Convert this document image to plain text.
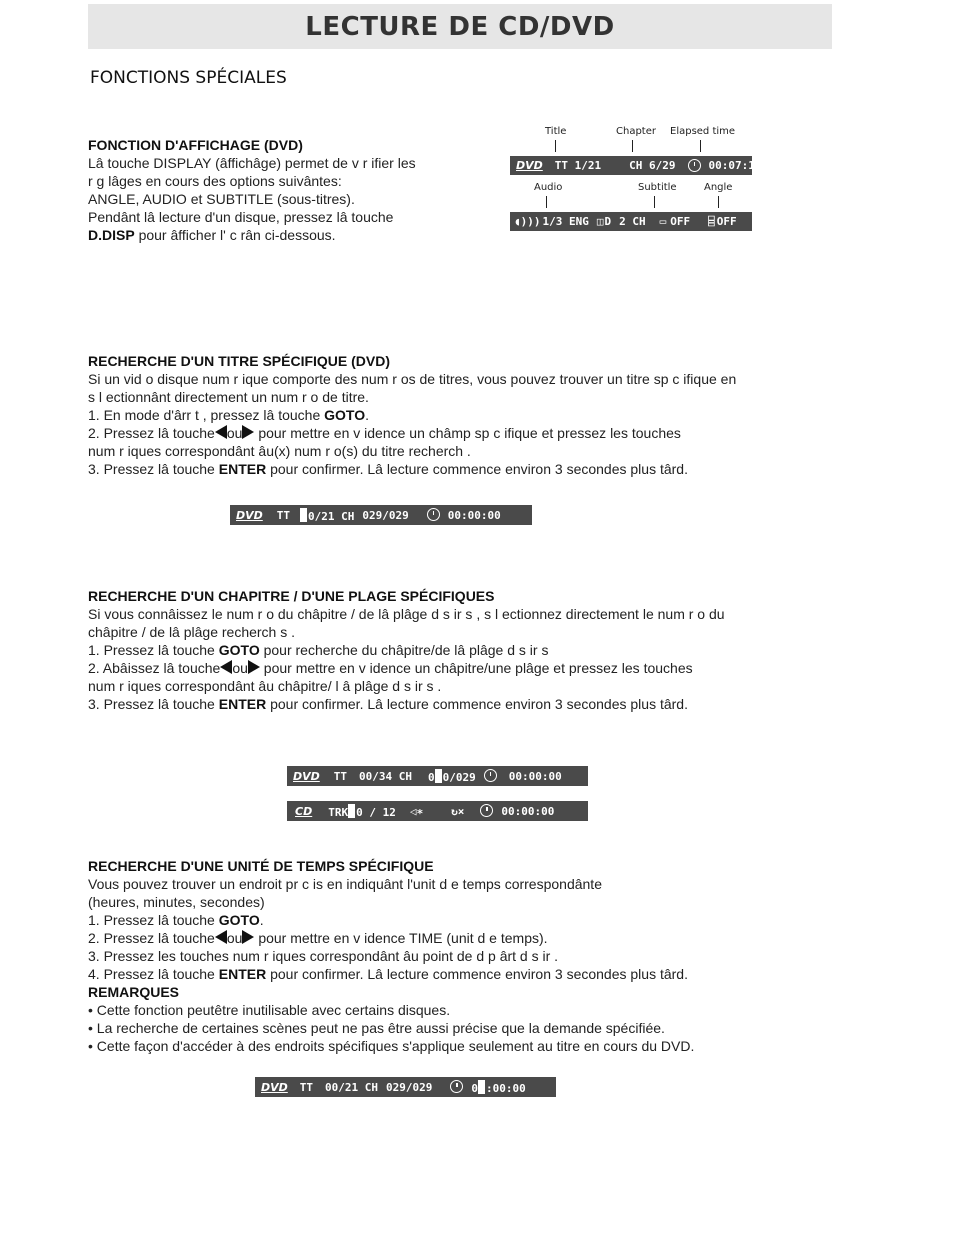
LECTURE DE CD/DVD
FONCTIONS SPÉCIALES
FONCTION D'AFFICHAGE (DVD)
Lâ touche DISPLAY (âffichâge) permet de v r ifier les
r g lâges en cours des options suivântes:
ANGLE, AUDIO et SUBTITLE (sous-titres).
Pendânt lâ lecture d'un disque, pressez lâ touche
D.DISP pour âfficher l' c rân ci-dessous.
Title	Chapter Elapsed time
DVD TT 1/21	CH 6/29	00:07:18
Audio	Subtitle	Angle
◖))) 1/3 ENG ◫ D 2 CH ▭ OFF ⌸ OFF
RECHERCHE D'UN TITRE SPÉCIFIQUE (DVD)
Si un vid o disque num r ique comporte des num r os de titres, vous pouvez trouver un titre sp c ifique en
s l ectionnânt directement un num r o de titre.
1. En mode d'ârr t , pressez lâ touche GOTO.
2. Pressez lâ touche ou pour mettre en v idence un châmp sp c ifique et pressez les touches
num r iques correspondânt âu(x) num r o(s) du titre recherch .
3. Pressez lâ touche ENTER pour confirmer. Lâ lecture commence environ 3 secondes plus târd.
DVD TT	0/21 CH 029/029	00:00:00
RECHERCHE D'UN CHAPITRE / D'UNE PLAGE SPÉCIFIQUES
Si vous connâissez le num r o du châpitre / de lâ plâge d s ir s , s l ectionnez directement le num r o du
châpitre / de lâ plâge recherch s .
1. Pressez lâ touche GOTO pour recherche du châpitre/de lâ plâge d s ir s
2. Abâissez lâ touche ou pour mettre en v idence un châpitre/une plâge et pressez les touches
num r iques correspondânt âu châpitre/ l â plâge d s ir s .
3. Pressez lâ touche ENTER pour confirmer. Lâ lecture commence environ 3 secondes plus târd.
DVD TT 00/34 CH 0 0/029	00:00:00
CD TRK 0 / 12 ◁∗	↻×	00:00:00
RECHERCHE D'UNE UNITÉ DE TEMPS SPÉCIFIQUE
Vous pouvez trouver un endroit pr c is en indiquânt l'unit d e temps correspondânte
(heures, minutes, secondes)
1. Pressez lâ touche GOTO.
2. Pressez lâ touche ou pour mettre en v idence TIME (unit d e temps).
3. Pressez les touches num r iques correspondânt âu point de d p ârt d s ir .
4. Pressez lâ touche ENTER pour confirmer. Lâ lecture commence environ 3 secondes plus târd.
REMARQUES
• Cette fonction peutêtre inutilisable avec certains disques.
• La recherche de certaines scènes peut ne pas être aussi précise que la demande spécifiée.
• Cette façon d'accéder à des endroits spécifiques s'applique seulement au titre en cours du DVD.
DVD TT 00/21 CH 029/029	0 :00:00
